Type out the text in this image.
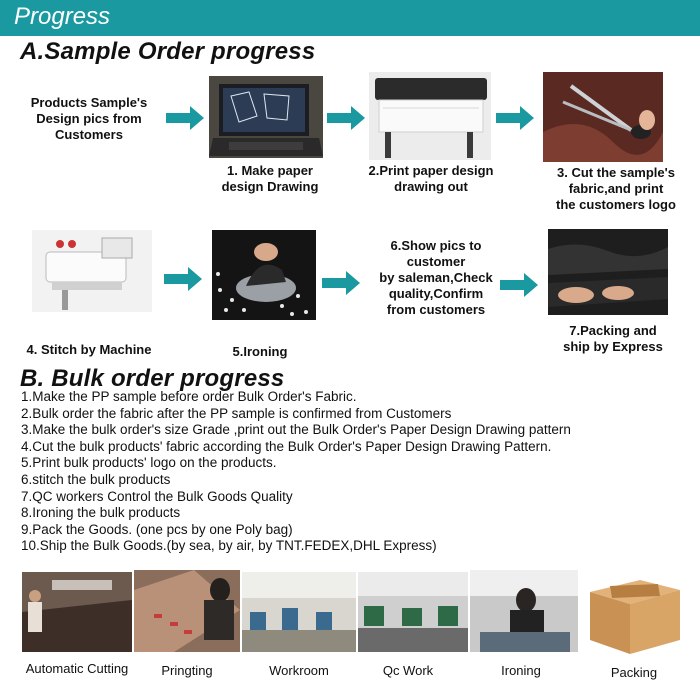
Progress
A.Sample Order progress
Products Sample's
Design pics from
Customers
1. Make paper
design Drawing
2.Print paper design
drawing out
3. Cut the sample's
fabric,and print
the customers logo
4. Stitch by Machine	5.Ironing
6.Show pics to
customer
by saleman,Check
quality,Confirm
from customers
7.Packing and
ship by Express
B. Bulk order progress
1.Make the PP sample before order Bulk Order's Fabric.
2.Bulk order the fabric after the PP sample is confirmed from Customers
3.Make the bulk order's size Grade ,print out the Bulk Order's Paper Design Drawing pattern
4.Cut the bulk products' fabric according the Bulk Order's Paper Design Drawing Pattern.
5.Print bulk products' logo on the products.
6.stitch the bulk products
7.QC workers Control the Bulk Goods Quality
8.Ironing the bulk products
9.Pack the Goods. (one pcs by one Poly bag)
10.Ship the Bulk Goods.(by sea, by air, by TNT.FEDEX,DHL Express)
Automatic Cutting	Pringting	Workroom	Qc Work	Ironing	Packing
